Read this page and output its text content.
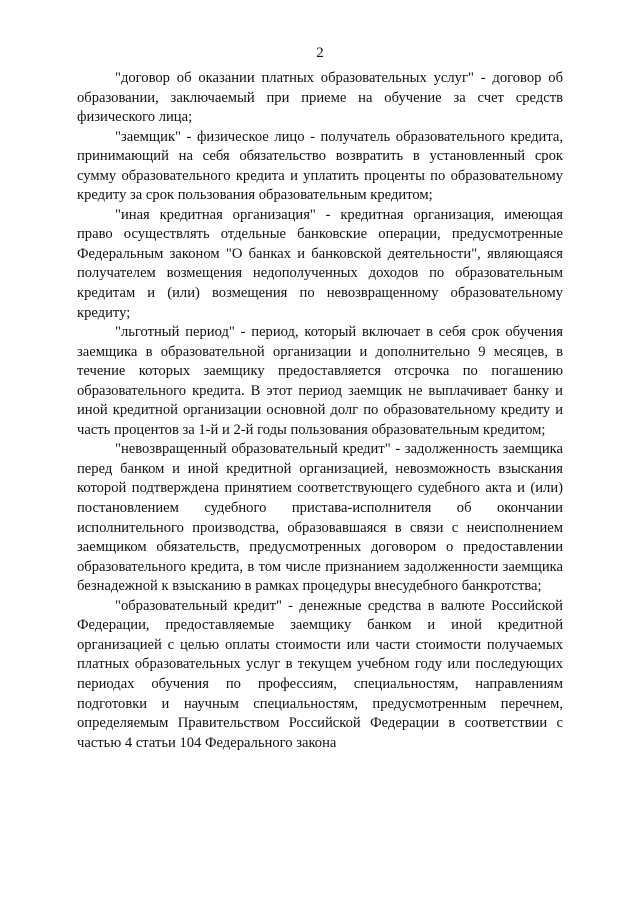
2

"договор об оказании платных образовательных услуг" - договор об образовании, заключаемый при приеме на обучение за счет средств физического лица;

"заемщик" - физическое лицо - получатель образовательного кредита, принимающий на себя обязательство возвратить в установленный срок сумму образовательного кредита и уплатить проценты по образовательному кредиту за срок пользования образовательным кредитом;

"иная кредитная организация" - кредитная организация, имеющая право осуществлять отдельные банковские операции, предусмотренные Федеральным законом "О банках и банковской деятельности", являющаяся получателем возмещения недополученных доходов по образовательным кредитам и (или) возмещения по невозвращенному образовательному кредиту;

"льготный период" - период, который включает в себя срок обучения заемщика в образовательной организации и дополнительно 9 месяцев, в течение которых заемщику предоставляется отсрочка по погашению образовательного кредита. В этот период заемщик не выплачивает банку и иной кредитной организации основной долг по образовательному кредиту и часть процентов за 1-й и 2-й годы пользования образовательным кредитом;

"невозвращенный образовательный кредит" - задолженность заемщика перед банком и иной кредитной организацией, невозможность взыскания которой подтверждена принятием соответствующего судебного акта и (или) постановлением судебного пристава-исполнителя об окончании исполнительного производства, образовавшаяся в связи с неисполнением заемщиком обязательств, предусмотренных договором о предоставлении образовательного кредита, в том числе признанием задолженности заемщика безнадежной к взысканию в рамках процедуры внесудебного банкротства;

"образовательный кредит" - денежные средства в валюте Российской Федерации, предоставляемые заемщику банком и иной кредитной организацией с целью оплаты стоимости или части стоимости получаемых платных образовательных услуг в текущем учебном году или последующих периодах обучения по профессиям, специальностям, направлениям подготовки и научным специальностям, предусмотренным перечнем, определяемым Правительством Российской Федерации в соответствии с частью 4 статьи 104 Федерального закона
